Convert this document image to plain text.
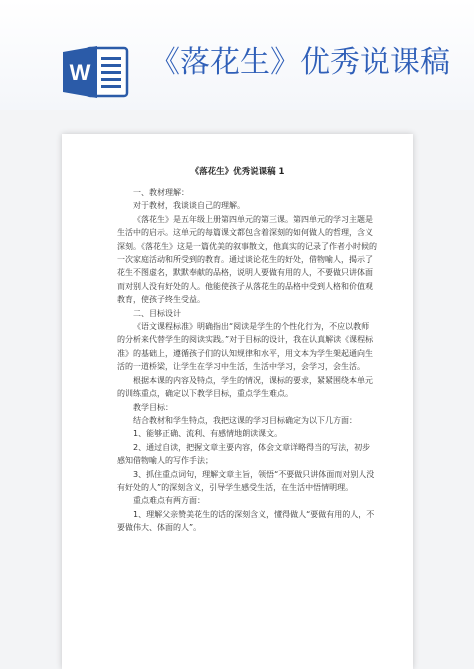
W 《落花生》优秀说课稿
《落花生》优秀说课稿 1

一、教材理解：

对于教材，我谈谈自己的理解。

《落花生》是五年级上册第四单元的第三课。第四单元的学习主题是生活中的启示。这单元的每篇课文都包含着深刻的如何做人的哲理，含义深刻。《落花生》这是一篇优美的叙事散文，他真实的记录了作者小时候的一次家庭活动和所受到的教育。通过谈论花生的好处，借物喻人，揭示了花生不图虚名，默默奉献的品格，说明人要做有用的人，不要做只讲体面而对别人没有好处的人。他能使孩子从落花生的品格中受到人格和价值观教育，使孩子终生受益。

二、目标设计

《语文课程标准》明确指出“阅读是学生的个性化行为，不应以教师的分析来代替学生的阅读实践。”对于目标的设计，我在认真解读《课程标准》的基础上，遵循孩子们的认知规律和水平，用文本为学生架起通向生活的一道桥梁，让学生在学习中生活，生活中学习，会学习，会生活。

根据本课的内容及特点，学生的情况，课标的要求，紧紧围绕本单元的训练重点，确定以下教学目标，重点学生难点。

教学目标：

结合教材和学生特点，我把这课的学习目标确定为以下几方面：

1、能够正确、流利、有感情地朗读课文。

2、通过自读，把握文章主要内容，体会文章详略得当的写法，初步感知借物喻人的写作手法；

3、抓住重点词句，理解文章主旨，领悟“不要做只讲体面而对别人没有好处的人”的深刻含义，引导学生感受生活，在生活中悟情明理。

重点难点有两方面：

1、理解父亲赞美花生的话的深刻含义，懂得做人“要做有用的人，不要做伟大、体面的人”。
